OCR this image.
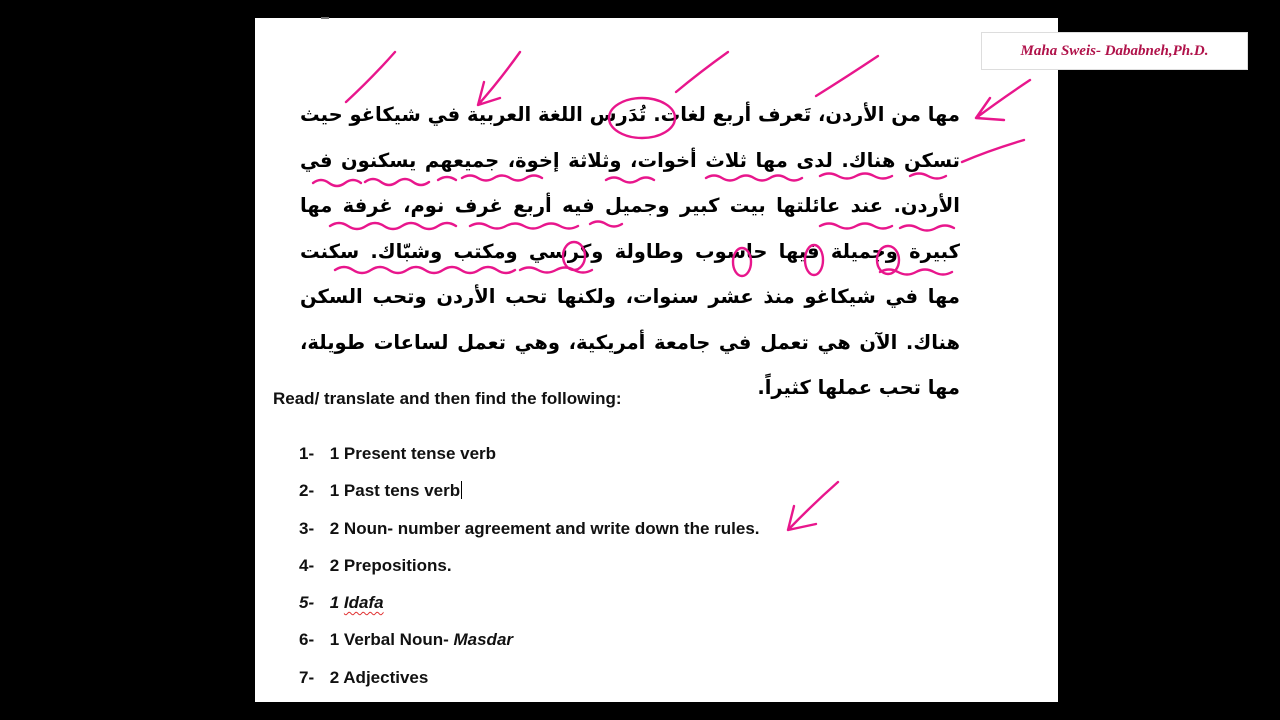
مها من الأردن، تَعرف أربع لغات. تُدَرس اللغة العربية في شيكاغو حيث تسكن هناك. لدى مها ثلاث أخوات، وثلاثة إخوة، جميعهم يسكنون في الأردن. عند عائلتها بيت كبير وجميل فيه أربع غرف نوم، غرفة مها كبيرة وجميلة فيها حاسوب وطاولة وكرسي ومكتب وشبّاك. سكنت مها في شيكاغو منذ عشر سنوات، ولكنها تحب الأردن وتحب السكن هناك. الآن هي تعمل في جامعة أمريكية، وهي تعمل لساعات طويلة، مها تحب عملها كثيراً.

Read/ translate and then find the following:

1- 1 Present tense verb
2- 1 Past tens verb
3- 2 Noun- number agreement and write down the rules.
4- 2 Prepositions.
5- 1 Idafa
6- 1 Verbal Noun- Masdar
7- 2 Adjectives
Maha Sweis- Dababneh,Ph.D.
